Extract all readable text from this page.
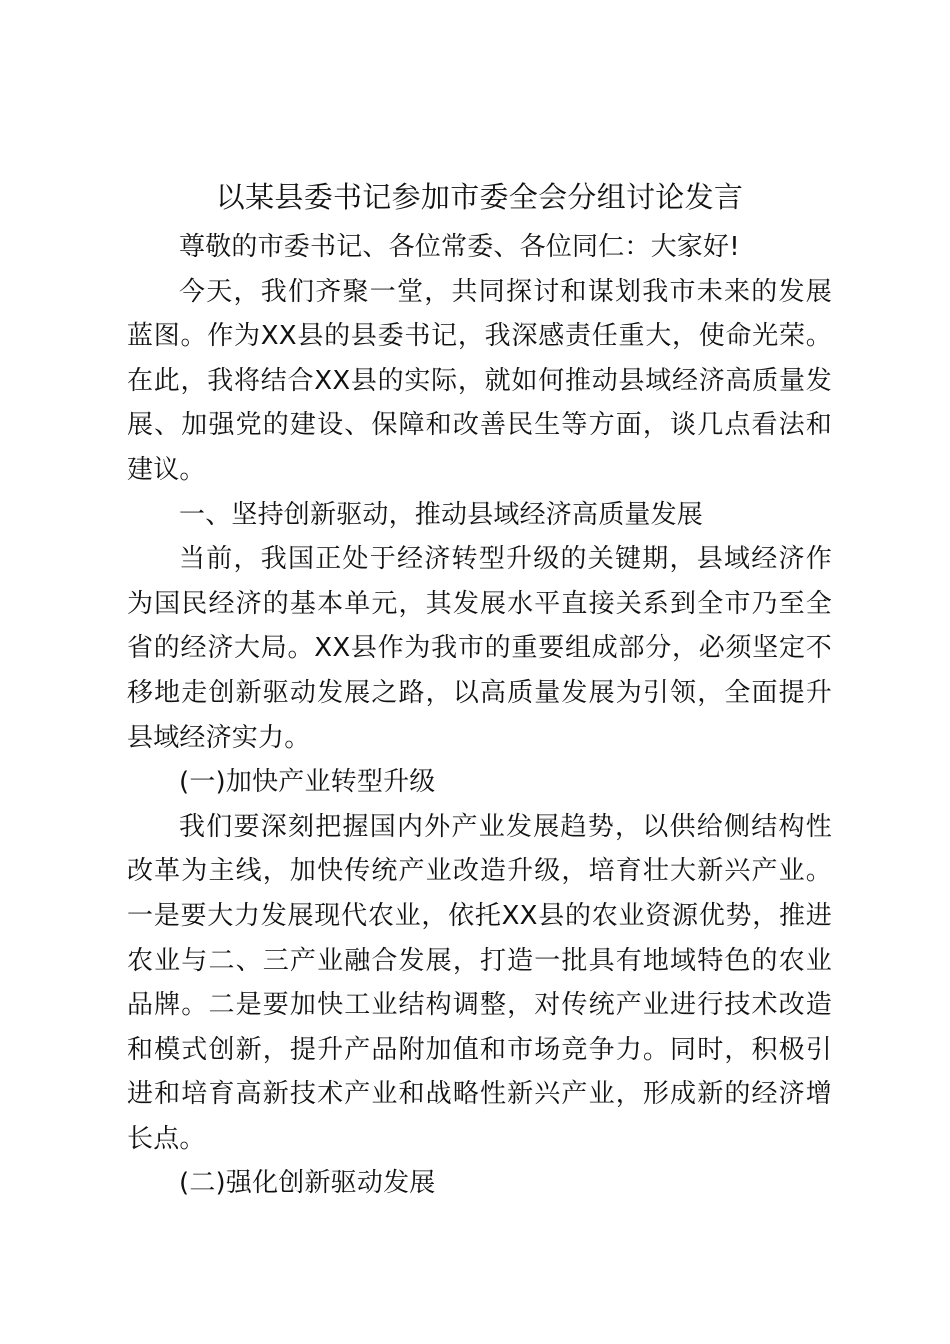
以某县委书记参加市委全会分组讨论发言

尊敬的市委书记、各位常委、各位同仁：大家好!

今天，我们齐聚一堂，共同探讨和谋划我市未来的发展蓝图。作为XX县的县委书记，我深感责任重大，使命光荣。在此，我将结合XX县的实际，就如何推动县域经济高质量发展、加强党的建设、保障和改善民生等方面，谈几点看法和建议。

一、坚持创新驱动，推动县域经济高质量发展

当前，我国正处于经济转型升级的关键期，县域经济作为国民经济的基本单元，其发展水平直接关系到全市乃至全省的经济大局。XX县作为我市的重要组成部分，必须坚定不移地走创新驱动发展之路，以高质量发展为引领，全面提升县域经济实力。

(一)加快产业转型升级

我们要深刻把握国内外产业发展趋势，以供给侧结构性改革为主线，加快传统产业改造升级，培育壮大新兴产业。一是要大力发展现代农业，依托XX县的农业资源优势，推进农业与二、三产业融合发展，打造一批具有地域特色的农业品牌。二是要加快工业结构调整，对传统产业进行技术改造和模式创新，提升产品附加值和市场竞争力。同时，积极引进和培育高新技术产业和战略性新兴产业，形成新的经济增长点。

(二)强化创新驱动发展
